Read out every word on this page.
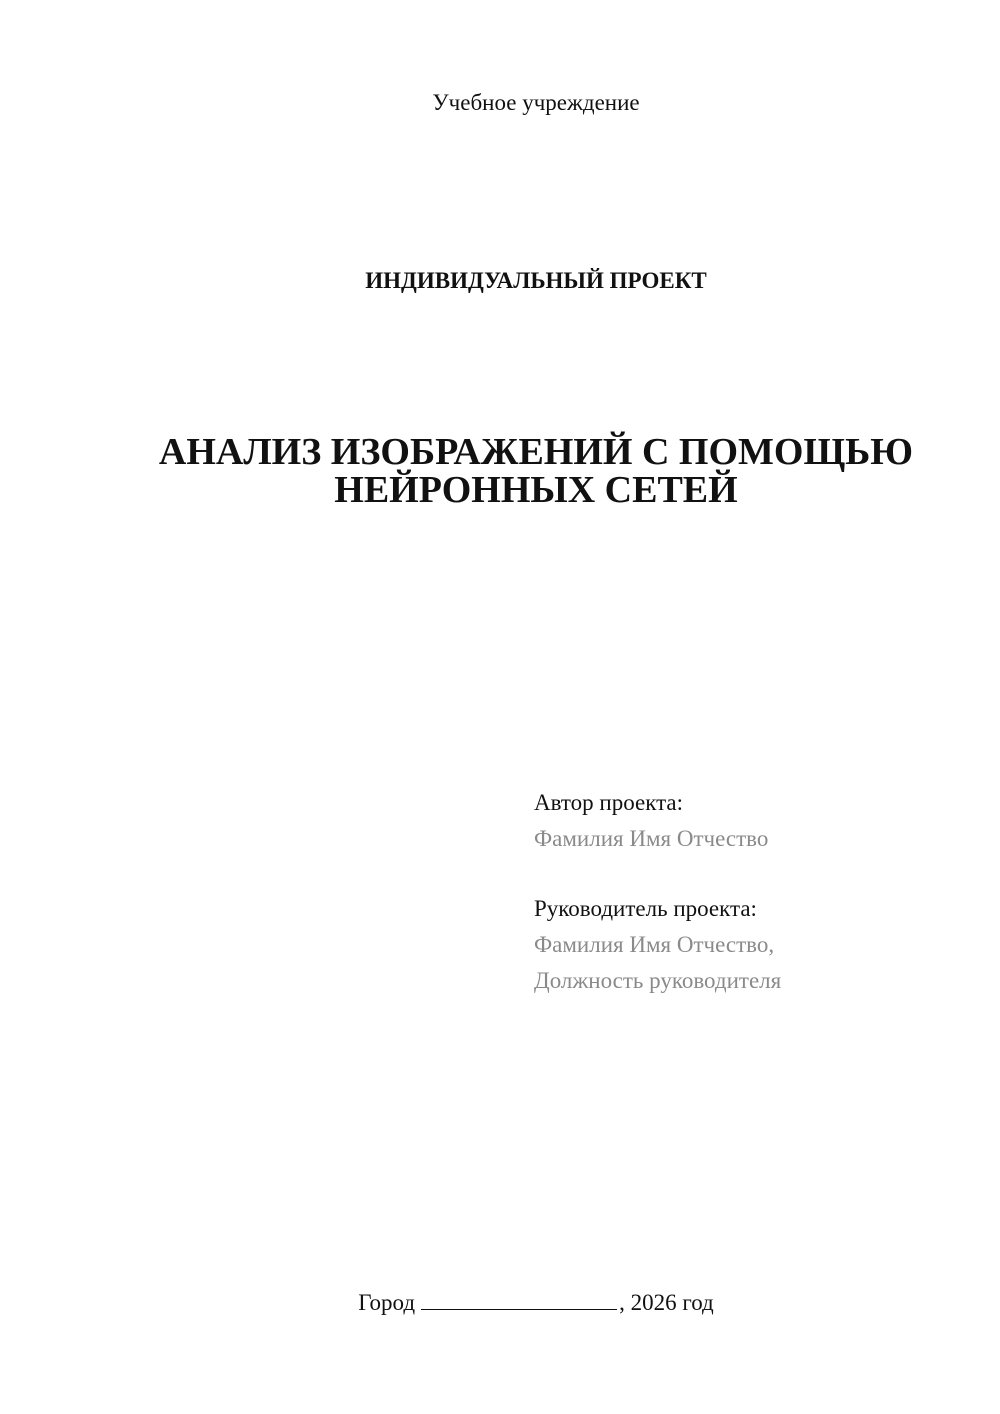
Учебное учреждение
ИНДИВИДУАЛЬНЫЙ ПРОЕКТ
АНАЛИЗ ИЗОБРАЖЕНИЙ С ПОМОЩЬЮ
НЕЙРОННЫХ СЕТЕЙ
Автор проекта:
Фамилия Имя Отчество
Руководитель проекта:
Фамилия Имя Отчество,
Должность руководителя
Город	, 2026 год
